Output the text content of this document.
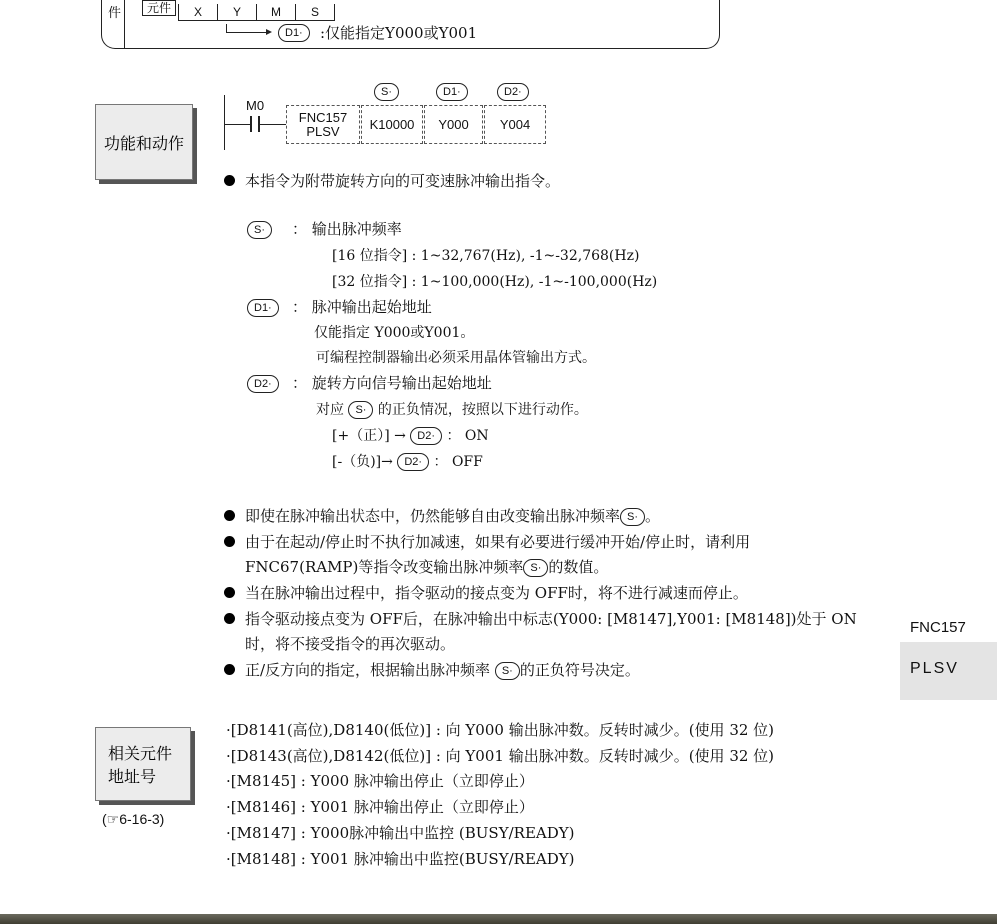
件	元件	X	Y	M	S
D1·	:仅能指定Y000或Y001
功能和动作
M0
FNC157
PLSV	K10000 Y000 Y004
S·	D1·	D2·
本指令为附带旋转方向的可变速脉冲输出指令。
S·	： 输出脉冲频率
[16 位指令] : 1~32,767(Hz), -1~-32,768(Hz)
[32 位指令] : 1~100,000(Hz), -1~-100,000(Hz)
D1·	： 脉冲输出起始地址
仅能指定 Y000或Y001。
可编程控制器输出必须采用晶体管输出方式。
D2·	： 旋转方向信号输出起始地址
对应 S· 的正负情况，按照以下进行动作。
[+（正）] → D2· ： ON
[-（负)]→ D2· ： OFF
即使在脉冲输出状态中，仍然能够自由改变输出脉冲频率 S· 。
由于在起动/停止时不执行加减速，如果有必要进行缓冲开始/停止时，请利用
FNC67(RAMP)等指令改变输出脉冲频率 S· 的数值。
当在脉冲输出过程中，指令驱动的接点变为 OFF时，将不进行减速而停止。
指令驱动接点变为 OFF后，在脉冲输出中标志(Y000: [M8147],Y001: [M8148])处于 ON
时，将不接受指令的再次驱动。
正/反方向的指定，根据输出脉冲频率 S· 的正负符号决定。
FNC157
PLSV
相关元件
地址号
(☞6-16-3)
·[D8141(高位),D8140(低位)] : 向 Y000 输出脉冲数。反转时减少。(使用 32 位)
·[D8143(高位),D8142(低位)] : 向 Y001 输出脉冲数。反转时减少。(使用 32 位)
·[M8145] : Y000 脉冲输出停止（立即停止）
·[M8146] : Y001 脉冲输出停止（立即停止）
·[M8147] : Y000脉冲输出中监控 (BUSY/READY)
·[M8148] : Y001 脉冲输出中监控(BUSY/READY)
